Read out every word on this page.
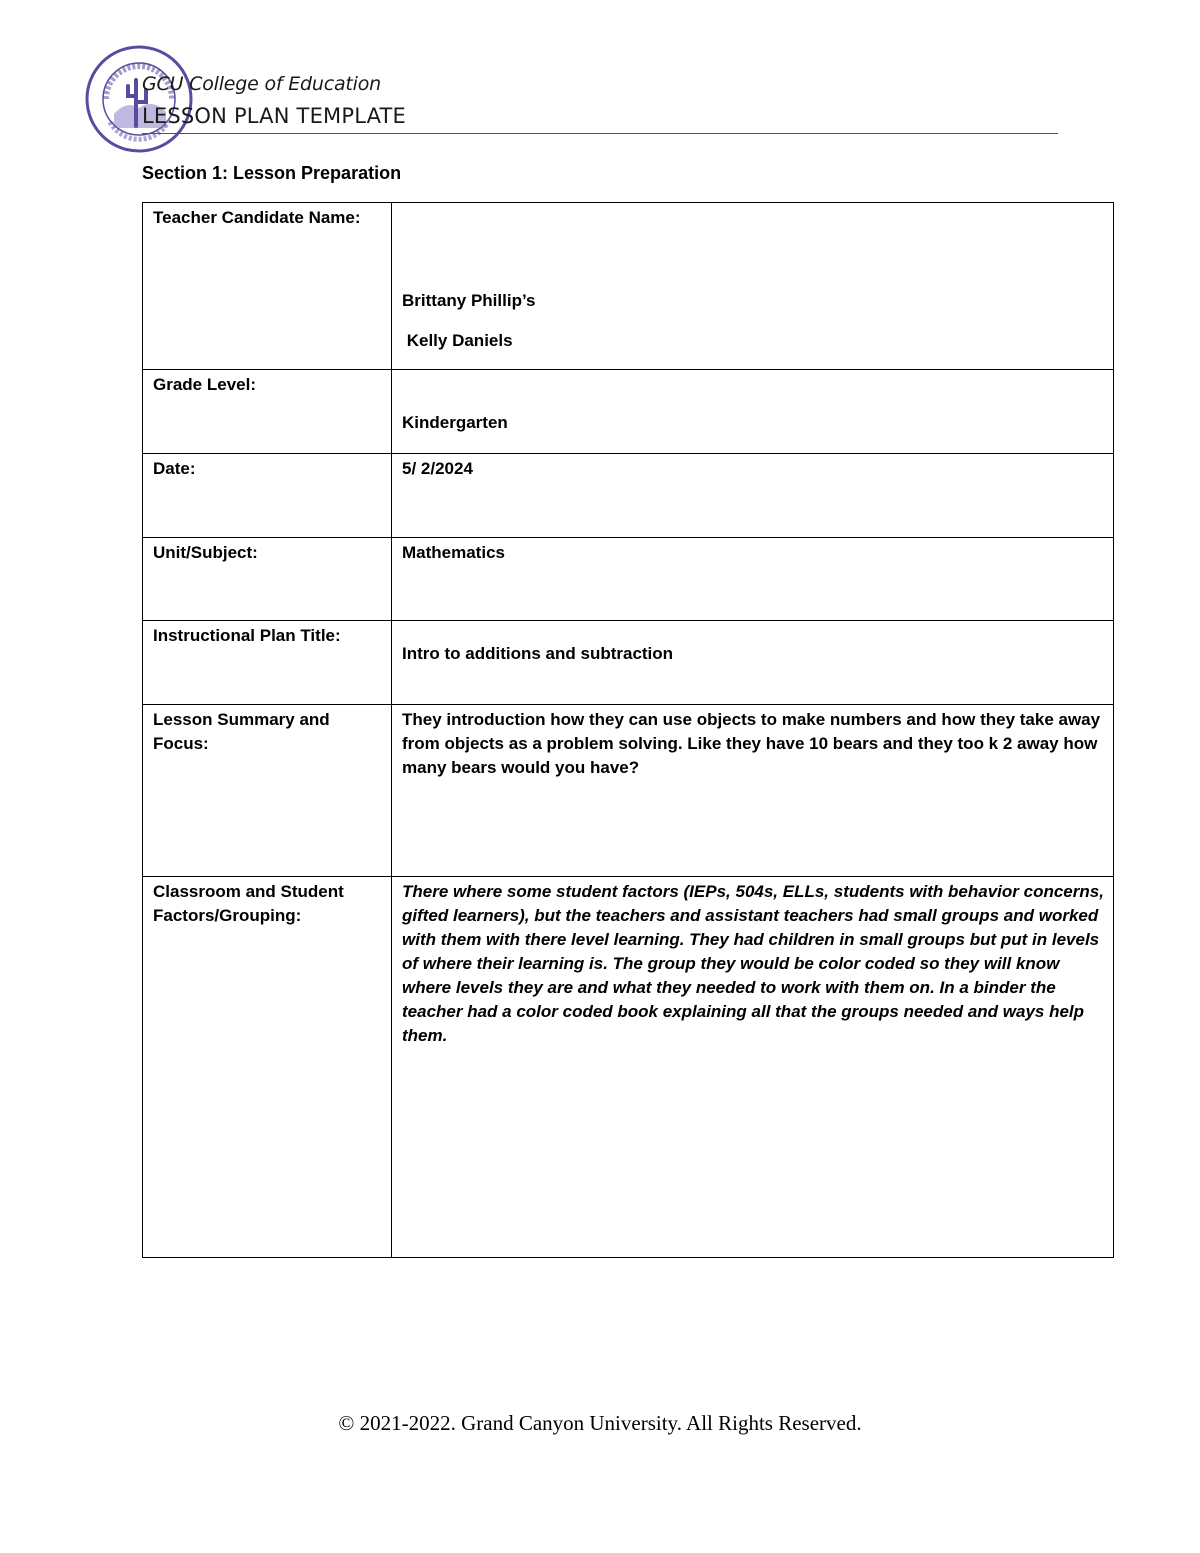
GCU College of Education
LESSON PLAN TEMPLATE
Section 1: Lesson Preparation
Teacher Candidate Name:	Brittany Phillip’s

Kelly Daniels

Grade Level:	Kindergarten

Date:	5/ 2/2024
Unit/Subject:	Mathematics
Instructional Plan Title:	Intro to additions and subtraction

Lesson Summary and Focus:	They introduction how they can use objects to make numbers and how they take away from objects as a problem solving. Like they have 10 bears and they too k 2 away how many bears would you have?
Classroom and Student Factors/Grouping:	There where some student factors (IEPs, 504s, ELLs, students with behavior concerns, gifted learners), but the teachers and assistant teachers had small groups and worked with them with there level learning. They had children in small groups but put in levels of where their learning is. The group they would be color coded so they will know where levels they are and what they needed to work with them on. In a binder the teacher had a color coded book explaining all that the groups needed and ways help them.
© 2021-2022. Grand Canyon University. All Rights Reserved.
